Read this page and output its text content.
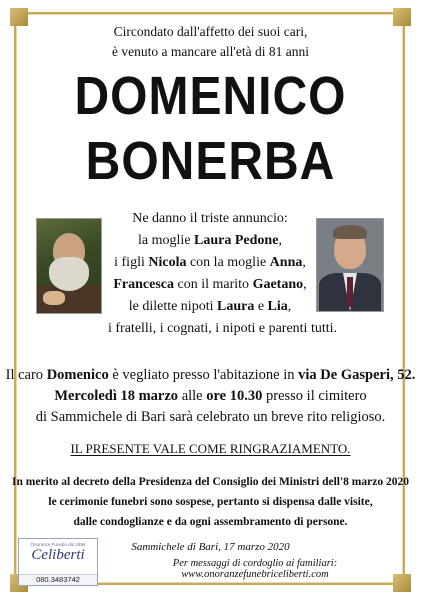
Circondato dall'affetto dei suoi cari,
è venuto a mancare all'età di 81 anni
DOMENICO
BONERBA
Ne danno il triste annuncio:
la moglie Laura Pedone,
i figli Nicola con la moglie Anna,
Francesca con il marito Gaetano,
le dilette nipoti Laura e Lia,
i fratelli, i cognati, i nipoti e parenti tutti.
Il caro Domenico è vegliato presso l'abitazione in via De Gasperi, 52.
Mercoledì 18 marzo alle ore 10.30 presso il cimitero
di Sammichele di Bari sarà celebrato un breve rito religioso.
IL PRESENTE VALE COME RINGRAZIAMENTO.
In merito al decreto della Presidenza del Consiglio dei Ministri dell'8 marzo 2020
le cerimonie funebri sono sospese, pertanto si dispensa dalle visite,
dalle condoglianze e da ogni assembramento di persone.
Sammichele di Bari, 17 marzo 2020
Per messaggi di cordoglio ai familiari: www.onoranzefunebriceliberti.com
Onoranze Funebri dal 1896
Celiberti
080.3483742
